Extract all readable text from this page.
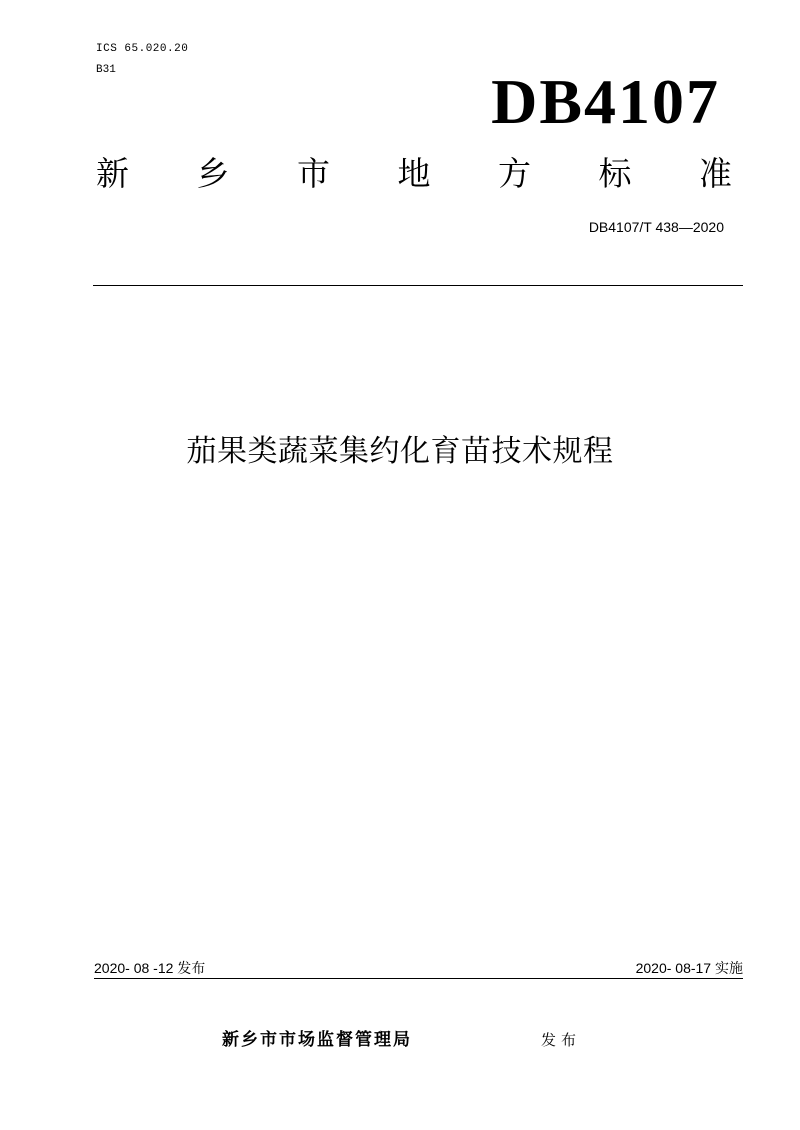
ICS 65.020.20
B31	DB4107
新 乡 市 地 方 标 准
DB4107/T 438—2020
茄果类蔬菜集约化育苗技术规程
2020- 08 -12 发布	2020- 08-17 实施
新乡市市场监督管理局	发布
